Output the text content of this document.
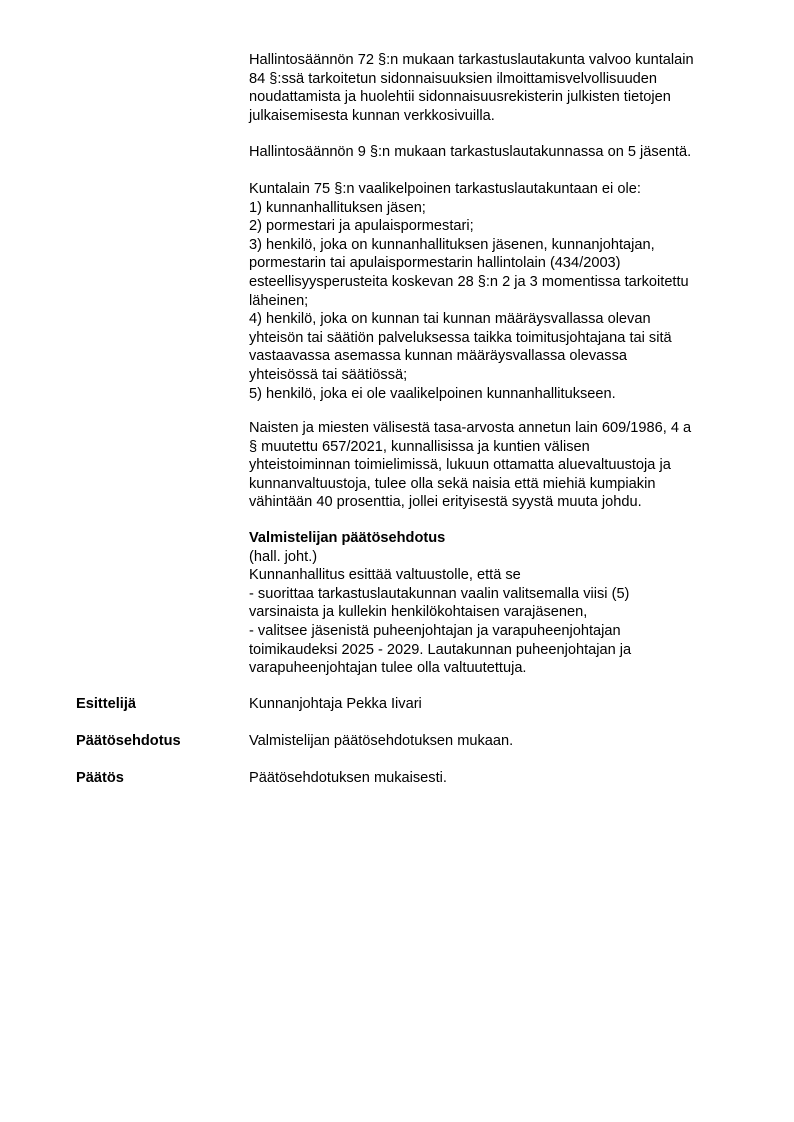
Hallintosäännön 72 §:n mukaan tarkastuslautakunta valvoo kuntalain
84 §:ssä tarkoitetun sidonnaisuuksien ilmoittamisvelvollisuuden
noudattamista ja huolehtii sidonnaisuusrekisterin julkisten tietojen
julkaisemisesta kunnan verkkosivuilla.
Hallintosäännön 9 §:n mukaan tarkastuslautakunnassa on 5 jäsentä.
Kuntalain 75 §:n vaalikelpoinen tarkastuslautakuntaan ei ole:
1) kunnanhallituksen jäsen;
2) pormestari ja apulaispormestari;
3) henkilö, joka on kunnanhallituksen jäsenen, kunnanjohtajan,
pormestarin tai apulaispormestarin hallintolain (434/2003)
esteellisyysperusteita koskevan 28 §:n 2 ja 3 momentissa tarkoitettu
läheinen;
4) henkilö, joka on kunnan tai kunnan määräysvallassa olevan
yhteisön tai säätiön palveluksessa taikka toimitusjohtajana tai sitä
vastaavassa asemassa kunnan määräysvallassa olevassa
yhteisössä tai säätiössä;
5) henkilö, joka ei ole vaalikelpoinen kunnanhallitukseen.
Naisten ja miesten välisestä tasa-arvosta annetun lain 609/1986, 4 a
§ muutettu 657/2021, kunnallisissa ja kuntien välisen
yhteistoiminnan toimielimissä, lukuun ottamatta aluevaltuustoja ja
kunnanvaltuustoja, tulee olla sekä naisia että miehiä kumpiakin
vähintään 40 prosenttia, jollei erityisestä syystä muuta johdu.
Valmistelijan päätösehdotus
(hall. joht.)
Kunnanhallitus esittää valtuustolle, että se
- suorittaa tarkastuslautakunnan vaalin valitsemalla viisi (5)
varsinaista ja kullekin henkilökohtaisen varajäsenen,
- valitsee jäsenistä puheenjohtajan ja varapuheenjohtajan
toimikaudeksi 2025 - 2029. Lautakunnan puheenjohtajan ja
varapuheenjohtajan tulee olla valtuutettuja.
Esittelijä	Kunnanjohtaja Pekka Iivari
Päätösehdotus	Valmistelijan päätösehdotuksen mukaan.
Päätös	Päätösehdotuksen mukaisesti.
